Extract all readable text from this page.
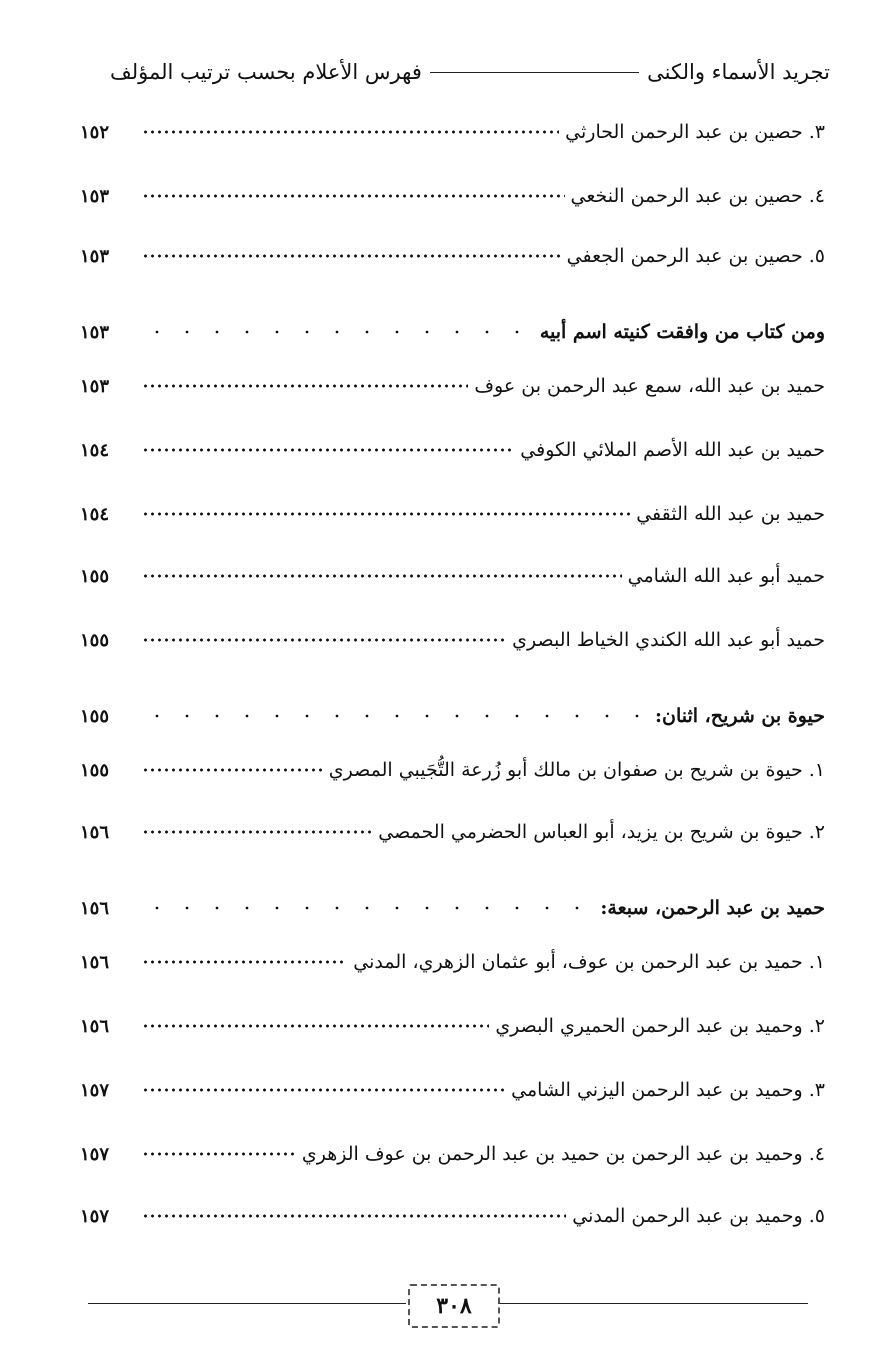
تجريد الأسماء والكنى
فهرس الأعلام بحسب ترتيب المؤلف
٣. حصين بن عبد الرحمن الحارثي
١٥٢
٤. حصين بن عبد الرحمن النخعي
١٥٣
٥. حصين بن عبد الرحمن الجعفي
١٥٣
ومن كتاب من وافقت كنيته اسم أبيه
١٥٣
حميد بن عبد الله، سمع عبد الرحمن بن عوف
١٥٣
حميد بن عبد الله الأصم الملائي الكوفي
١٥٤
حميد بن عبد الله الثقفي
١٥٤
حميد أبو عبد الله الشامي
١٥٥
حميد أبو عبد الله الكندي الخياط البصري
١٥٥
حيوة بن شريح، اثنان:
١٥٥
١. حيوة بن شريح بن صفوان بن مالك أبو زُرعة التُّجَيبي المصري
١٥٥
٢. حيوة بن شريح بن يزيد، أبو العباس الحضرمي الحمصي
١٥٦
حميد بن عبد الرحمن، سبعة:
١٥٦
١. حميد بن عبد الرحمن بن عوف، أبو عثمان الزهري، المدني
١٥٦
٢. وحميد بن عبد الرحمن الحميري البصري
١٥٦
٣. وحميد بن عبد الرحمن اليزني الشامي
١٥٧
٤. وحميد بن عبد الرحمن بن حميد بن عبد الرحمن بن عوف الزهري
١٥٧
٥. وحميد بن عبد الرحمن المدني
١٥٧
٣٠٨
